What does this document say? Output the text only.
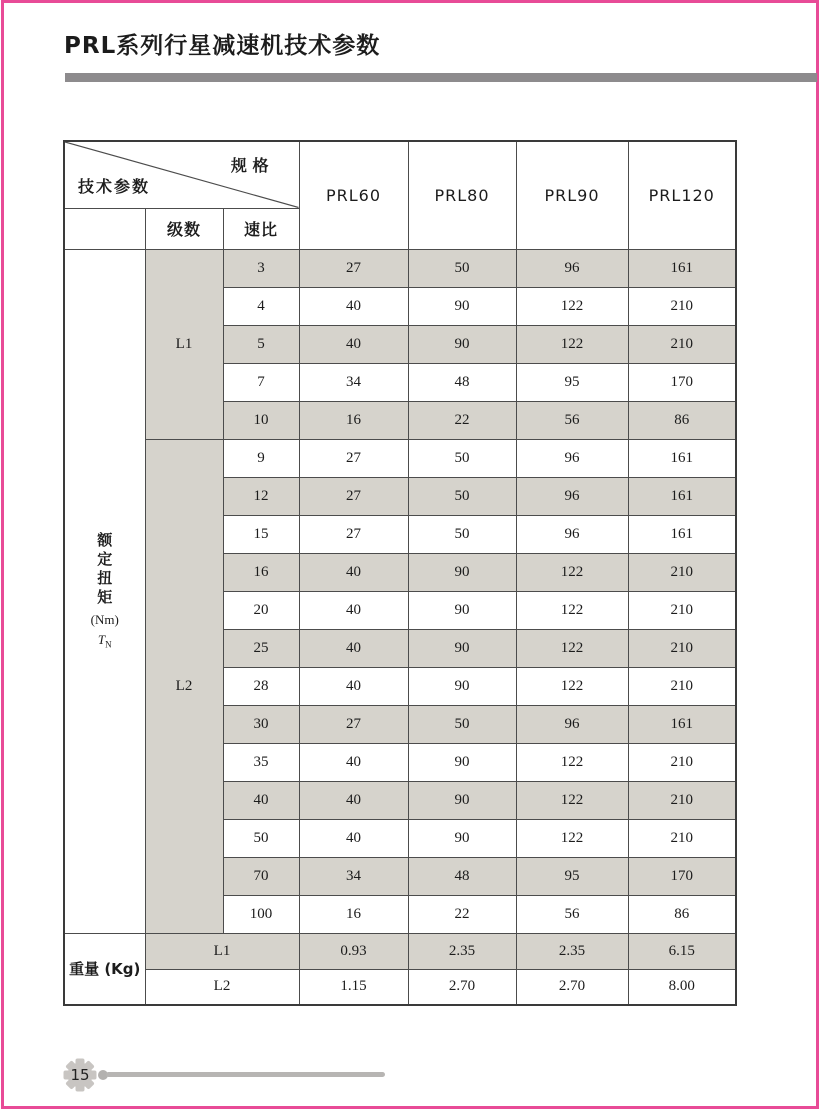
PRL系列行星减速机技术参数
规 格
技术参数			PRL60	PRL80	PRL90	PRL120
	级数	速比				

额定扭矩
(Nm)
$T_N$	L1	3	27	50	96	161
		4	40	90	122	210
		5	40	90	122	210
		7	34	48	95	170
		10	16	22	56	86
	L2	9	27	50	96	161
		12	27	50	96	161
		15	27	50	96	161
		16	40	90	122	210
		20	40	90	122	210
		25	40	90	122	210
		28	40	90	122	210
		30	27	50	96	161
		35	40	90	122	210
		40	40	90	122	210
		50	40	90	122	210
		70	34	48	95	170
		100	16	22	56	86
重量 (Kg)	L1		0.93	2.35	2.35	6.15
	L2		1.15	2.70	2.70	8.00
15
